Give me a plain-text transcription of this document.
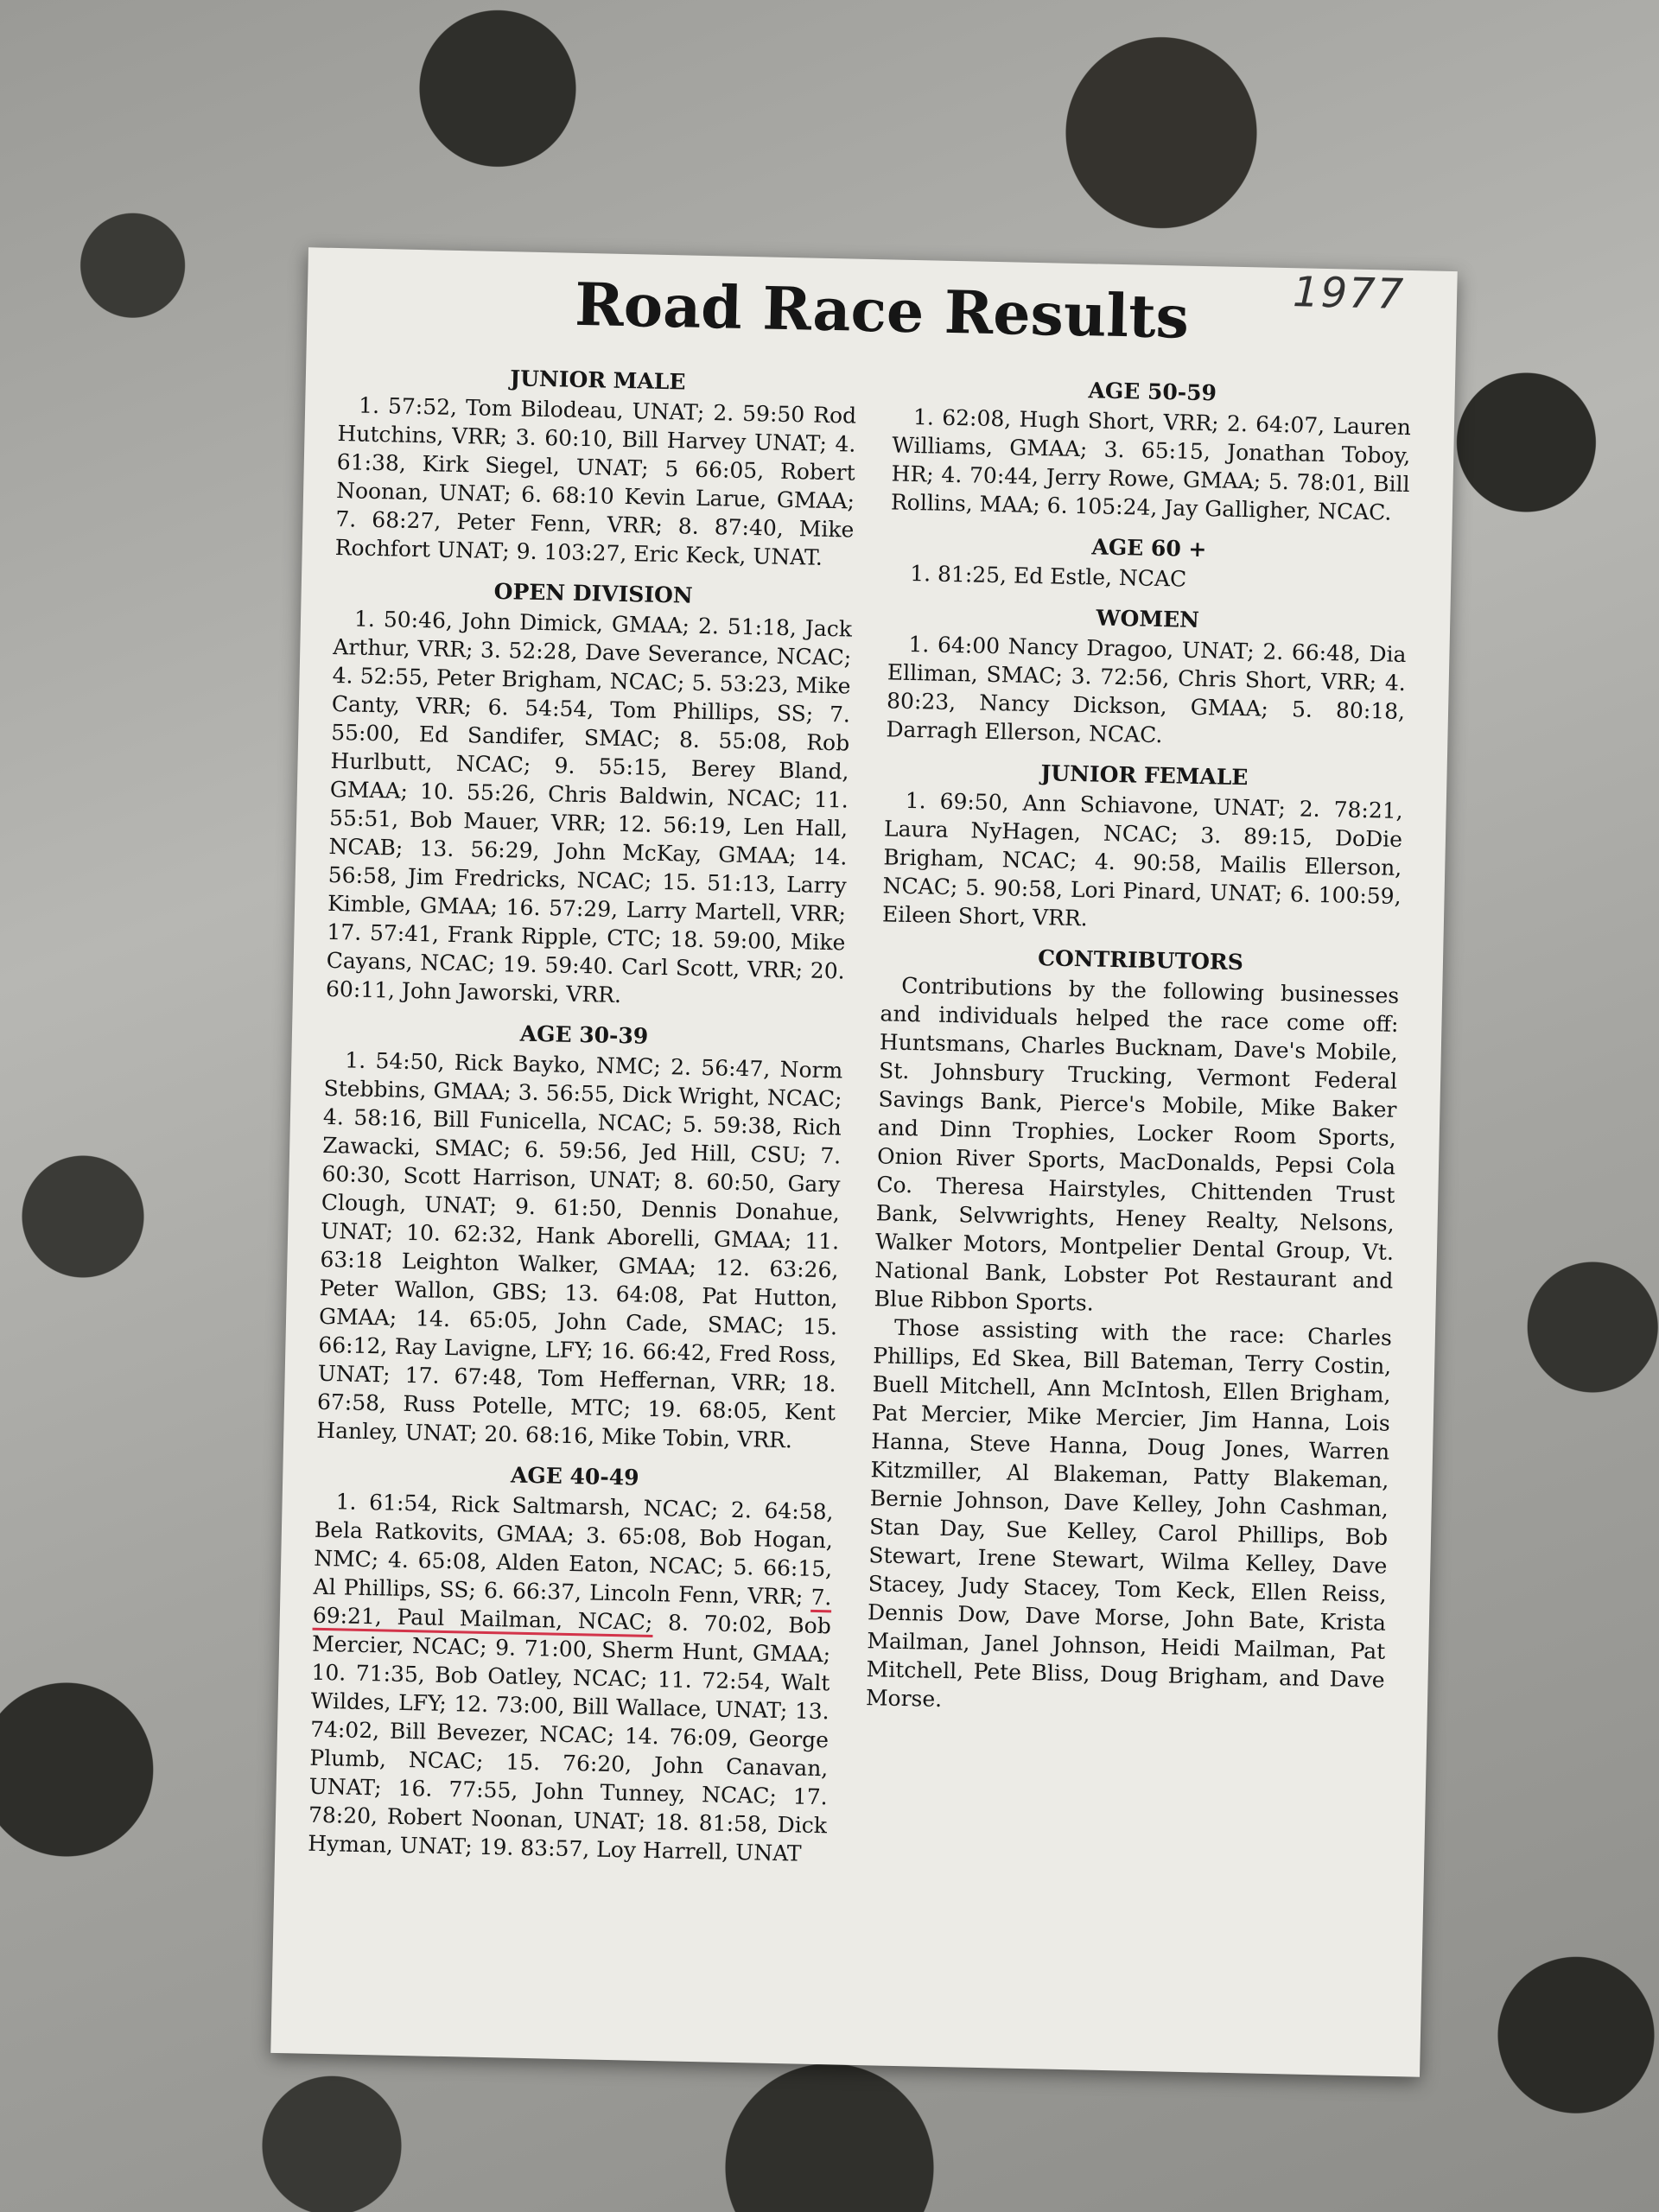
1977
Road Race Results
JUNIOR MALE

1. 57:52, Tom Bilodeau, UNAT; 2. 59:50 Rod Hutchins, VRR; 3. 60:10, Bill Harvey UNAT; 4. 61:38, Kirk Siegel, UNAT; 5 66:05, Robert Noonan, UNAT; 6. 68:10 Kevin Larue, GMAA; 7. 68:27, Peter Fenn, VRR; 8. 87:40, Mike Rochfort UNAT; 9. 103:27, Eric Keck, UNAT.

OPEN DIVISION

1. 50:46, John Dimick, GMAA; 2. 51:18, Jack Arthur, VRR; 3. 52:28, Dave Severance, NCAC; 4. 52:55, Peter Brigham, NCAC; 5. 53:23, Mike Canty, VRR; 6. 54:54, Tom Phillips, SS; 7. 55:00, Ed Sandifer, SMAC; 8. 55:08, Rob Hurlbutt, NCAC; 9. 55:15, Berey Bland, GMAA; 10. 55:26, Chris Baldwin, NCAC; 11. 55:51, Bob Mauer, VRR; 12. 56:19, Len Hall, NCAB; 13. 56:29, John McKay, GMAA; 14. 56:58, Jim Fredricks, NCAC; 15. 51:13, Larry Kimble, GMAA; 16. 57:29, Larry Martell, VRR; 17. 57:41, Frank Ripple, CTC; 18. 59:00, Mike Cayans, NCAC; 19. 59:40. Carl Scott, VRR; 20. 60:11, John Jaworski, VRR.

AGE 30-39

1. 54:50, Rick Bayko, NMC; 2. 56:47, Norm Stebbins, GMAA; 3. 56:55, Dick Wright, NCAC; 4. 58:16, Bill Funicella, NCAC; 5. 59:38, Rich Zawacki, SMAC; 6. 59:56, Jed Hill, CSU; 7. 60:30, Scott Harrison, UNAT; 8. 60:50, Gary Clough, UNAT; 9. 61:50, Dennis Donahue, UNAT; 10. 62:32, Hank Aborelli, GMAA; 11. 63:18 Leighton Walker, GMAA; 12. 63:26, Peter Wallon, GBS; 13. 64:08, Pat Hutton, GMAA; 14. 65:05, John Cade, SMAC; 15. 66:12, Ray Lavigne, LFY; 16. 66:42, Fred Ross, UNAT; 17. 67:48, Tom Heffernan, VRR; 18. 67:58, Russ Potelle, MTC; 19. 68:05, Kent Hanley, UNAT; 20. 68:16, Mike Tobin, VRR.

AGE 40-49

1. 61:54, Rick Saltmarsh, NCAC; 2. 64:58, Bela Ratkovits, GMAA; 3. 65:08, Bob Hogan, NMC; 4. 65:08, Alden Eaton, NCAC; 5. 66:15, Al Phillips, SS; 6. 66:37, Lincoln Fenn, VRR; 7. 69:21, Paul Mailman, NCAC; 8. 70:02, Bob Mercier, NCAC; 9. 71:00, Sherm Hunt, GMAA; 10. 71:35, Bob Oatley, NCAC; 11. 72:54, Walt Wildes, LFY; 12. 73:00, Bill Wallace, UNAT; 13. 74:02, Bill Bevezer, NCAC; 14. 76:09, George Plumb, NCAC; 15. 76:20, John Canavan, UNAT; 16. 77:55, John Tunney, NCAC; 17. 78:20, Robert Noonan, UNAT; 18. 81:58, Dick Hyman, UNAT; 19. 83:57, Loy Harrell, UNAT

AGE 50-59

1. 62:08, Hugh Short, VRR; 2. 64:07, Lauren Williams, GMAA; 3. 65:15, Jonathan Toboy, HR; 4. 70:44, Jerry Rowe, GMAA; 5. 78:01, Bill Rollins, MAA; 6. 105:24, Jay Galligher, NCAC.

AGE 60 +

1. 81:25, Ed Estle, NCAC

WOMEN

1. 64:00 Nancy Dragoo, UNAT; 2. 66:48, Dia Elliman, SMAC; 3. 72:56, Chris Short, VRR; 4. 80:23, Nancy Dickson, GMAA; 5. 80:18, Darragh Ellerson, NCAC.

JUNIOR FEMALE

1. 69:50, Ann Schiavone, UNAT; 2. 78:21, Laura NyHagen, NCAC; 3. 89:15, DoDie Brigham, NCAC; 4. 90:58, Mailis Ellerson, NCAC; 5. 90:58, Lori Pinard, UNAT; 6. 100:59, Eileen Short, VRR.

CONTRIBUTORS

Contributions by the following businesses and individuals helped the race come off: Huntsmans, Charles Bucknam, Dave's Mobile, St. Johnsbury Trucking, Vermont Federal Savings Bank, Pierce's Mobile, Mike Baker and Dinn Trophies, Locker Room Sports, Onion River Sports, MacDonalds, Pepsi Cola Co. Theresa Hairstyles, Chittenden Trust Bank, Selvwrights, Heney Realty, Nelsons, Walker Motors, Montpelier Dental Group, Vt. National Bank, Lobster Pot Restaurant and Blue Ribbon Sports.

Those assisting with the race: Charles Phillips, Ed Skea, Bill Bateman, Terry Costin, Buell Mitchell, Ann McIntosh, Ellen Brigham, Pat Mercier, Mike Mercier, Jim Hanna, Lois Hanna, Steve Hanna, Doug Jones, Warren Kitzmiller, Al Blakeman, Patty Blakeman, Bernie Johnson, Dave Kelley, John Cashman, Stan Day, Sue Kelley, Carol Phillips, Bob Stewart, Irene Stewart, Wilma Kelley, Dave Stacey, Judy Stacey, Tom Keck, Ellen Reiss, Dennis Dow, Dave Morse, John Bate, Krista Mailman, Janel Johnson, Heidi Mailman, Pat Mitchell, Pete Bliss, Doug Brigham, and Dave Morse.
